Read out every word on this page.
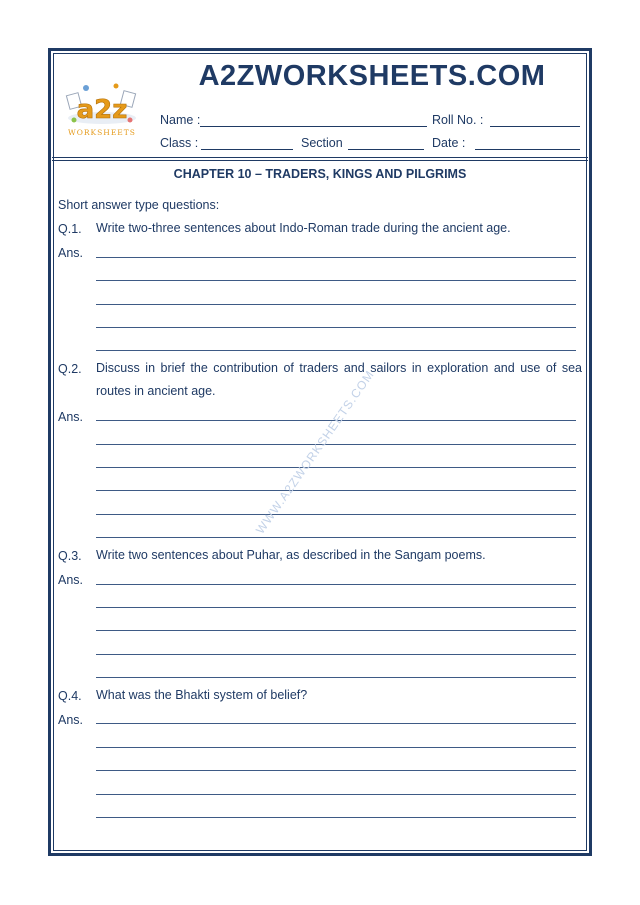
a2z
WORKSHEETS
A2ZWORKSHEETS.COM
Name :	Roll No. :
Class :	Section	Date :
CHAPTER 10 – TRADERS, KINGS AND PILGRIMS
Short answer type questions:
Q.1. Write two-three sentences about Indo-Roman trade during the ancient age.
Ans.
Q.2. Discuss in brief the contribution of traders and sailors in exploration and use of sea routes in ancient age.
Ans.
Q.3. Write two sentences about Puhar, as described in the Sangam poems.
Ans.
Q.4. What was the Bhakti system of belief?
Ans.
WWW.A2ZWORKSHEETS.COM
